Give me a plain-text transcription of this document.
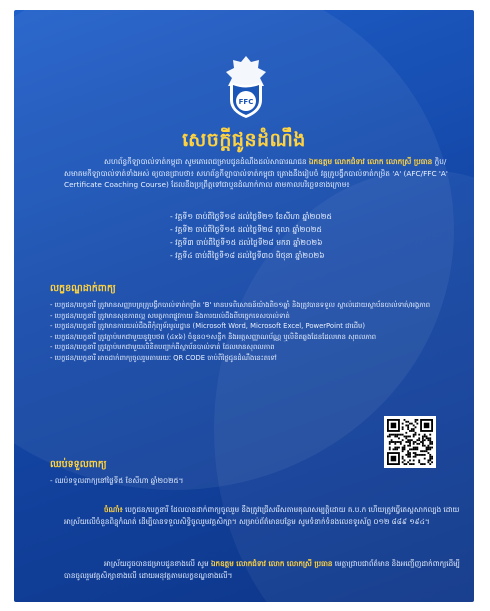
FFC
សេចក្ដីជូនដំណឹង

សហព័ន្ធកីឡាបាល់ទាត់កម្ពុជា សូមគោរពជម្រាបជូនដំណឹងដល់សាធារណជន ឯកឧត្តម លោកជំទាវ លោក លោកស្រី ប្រធាន ក្លិប/សមាគមកីឡាបាល់ទាត់ទាំងអស់ ឲ្យបានជ្រាបថា៖ សហព័ន្ធកីឡាបាល់ទាត់កម្ពុជា គ្រោងនឹងរៀបចំ វគ្គគ្រូបង្វឹកបាល់ទាត់កម្រិត 'A' (AFC/FFC 'A' Certificate Coaching Course) ដែលនឹងប្រព្រឹត្តទៅជាបួនដំណាក់កាល តាមកាលបរិច្ឆេទខាងក្រោម៖

- វគ្គទី១ ចាប់ពីថ្ងៃទី១៨ ដល់ថ្ងៃទី២១ ខែសីហា ឆ្នាំ២០២៥
- វគ្គទី២ ចាប់ពីថ្ងៃទី១៥ ដល់ថ្ងៃទី២៨ តុលា ឆ្នាំ២០២៥
- វគ្គទី៣ ចាប់ពីថ្ងៃទី១៥ ដល់ថ្ងៃទី២៨ មករា ឆ្នាំ២០២៦
- វគ្គទី៤ ចាប់ពីថ្ងៃទី១៨ ដល់ថ្ងៃទី៣០ មិថុនា ឆ្នាំ២០២៦
លក្ខខណ្ឌដាក់ពាក្យ
- បេក្ខជន/បេក្ខនារី ត្រូវមានសញ្ញាបត្រគ្រូបង្វឹកបាល់ទាត់កម្រិត 'B' មានបទពិសោធន៍យ៉ាងតិច១ឆ្នាំ និងត្រូវបានទទួល ស្គាល់ដោយស្ថាប័នបាល់ទាត់/អង្គភាព
- បេក្ខជន/បេក្ខនារី ត្រូវមានសុខភាពល្អ សមត្ថភាពផ្លូវកាយ និងការយល់ដឹងពីបច្ចេកទេសបាល់ទាត់
- បេក្ខជន/បេក្ខនារី ត្រូវមានការយល់ដឹងពីកុំព្យូទ័រមូលដ្ឋាន (Microsoft Word, Microsoft Excel, PowerPoint ជាដើម)
- បេក្ខជន/បេក្ខនារី ត្រូវភ្ជាប់មកជាមួយនូវរូបថត (៤x៦) ចំនួន០១សន្លឹក និងអត្តសញ្ញាណប័ណ្ណ ឬលិខិតឆ្លងដែនដែលមាន សុពលភាព
- បេក្ខជន/បេក្ខនារី ត្រូវភ្ជាប់មកជាមួយលិខិតបញ្ជាក់ពីស្ថាប័នបាល់ទាត់ ដែលមានសុពលភាព
- បេក្ខជន/បេក្ខនារី អាចដាក់ពាក្យចូលរួមតាមរយៈ QR CODE ចាប់ពីថ្ងៃជូនដំណឹងនេះតទៅ
ឈប់ទទួលពាក្យ
- ឈប់ទទួលពាក្យនៅថ្ងៃទី៥ ខែសីហា ឆ្នាំ២០២៥។

ចំណាំ៖ បេក្ខជន/បេក្ខនារី ដែលបានដាក់ពាក្យចូលរួម នឹងត្រូវជ្រើសរើសតាមគុណសម្បត្តិដោយ គ.ប.ក ហើយត្រូវធ្វើតេស្តសាកល្បង ដោយអាស្រ័យលើចំនួនពិន្ទុកំណត់ ដើម្បីបានទទួលសិទ្ធិចូលរួមវគ្គសិក្សា។ សម្រាប់ព័ត៌មានបន្ថែម សូមទំនាក់ទំនងលេខទូរស័ព្ទ ០១២ ៨៨៩ ១៩៤។

អាស្រ័យដូចបានជម្រាបជូនខាងលើ សូម ឯកឧត្តម លោកជំទាវ លោក លោកស្រី ប្រធាន មេត្តាជ្រាបជាព័ត៌មាន និងអញ្ជើញដាក់ពាក្យដើម្បីបានចូលរួមវគ្គសិក្សាខាងលើ ដោយអនុវត្តតាមលក្ខខណ្ឌខាងលើ។
